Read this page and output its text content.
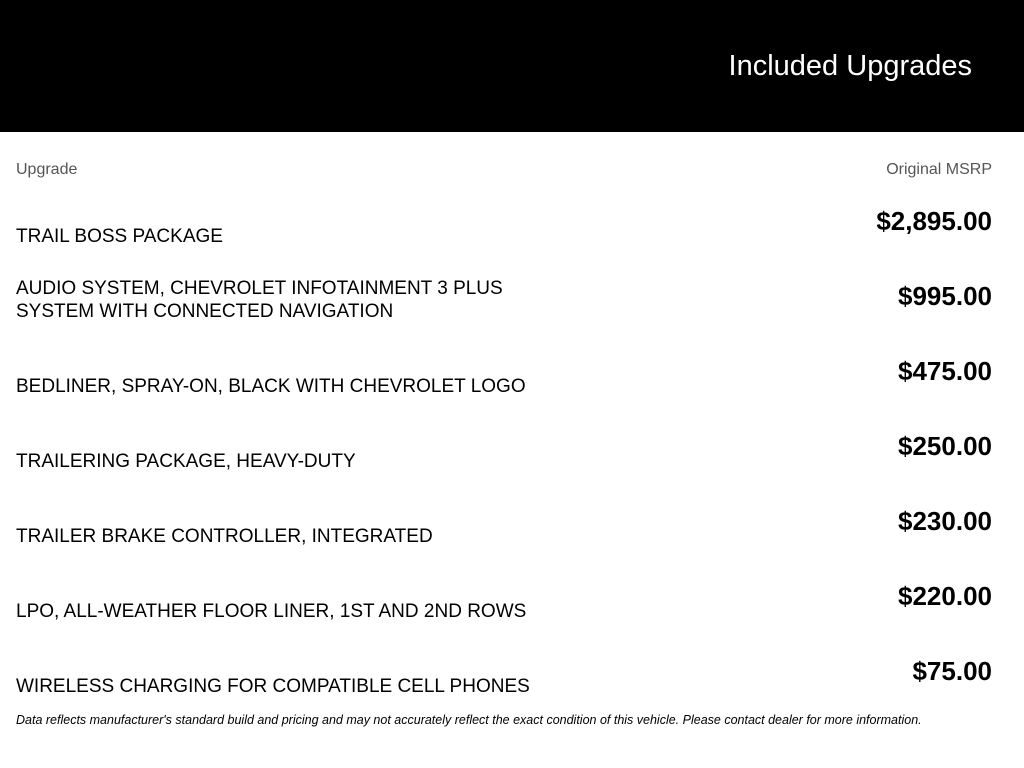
Included Upgrades
Upgrade	Original MSRP
TRAIL BOSS PACKAGE
$2,895.00
AUDIO SYSTEM, CHEVROLET INFOTAINMENT 3 PLUS SYSTEM WITH CONNECTED NAVIGATION
$995.00
BEDLINER, SPRAY-ON, BLACK WITH CHEVROLET LOGO
$475.00
TRAILERING PACKAGE, HEAVY-DUTY
$250.00
TRAILER BRAKE CONTROLLER, INTEGRATED
$230.00
LPO, ALL-WEATHER FLOOR LINER, 1ST AND 2ND ROWS
$220.00
WIRELESS CHARGING FOR COMPATIBLE CELL PHONES
$75.00
Data reflects manufacturer's standard build and pricing and may not accurately reflect the exact condition of this vehicle. Please contact dealer for more information.
